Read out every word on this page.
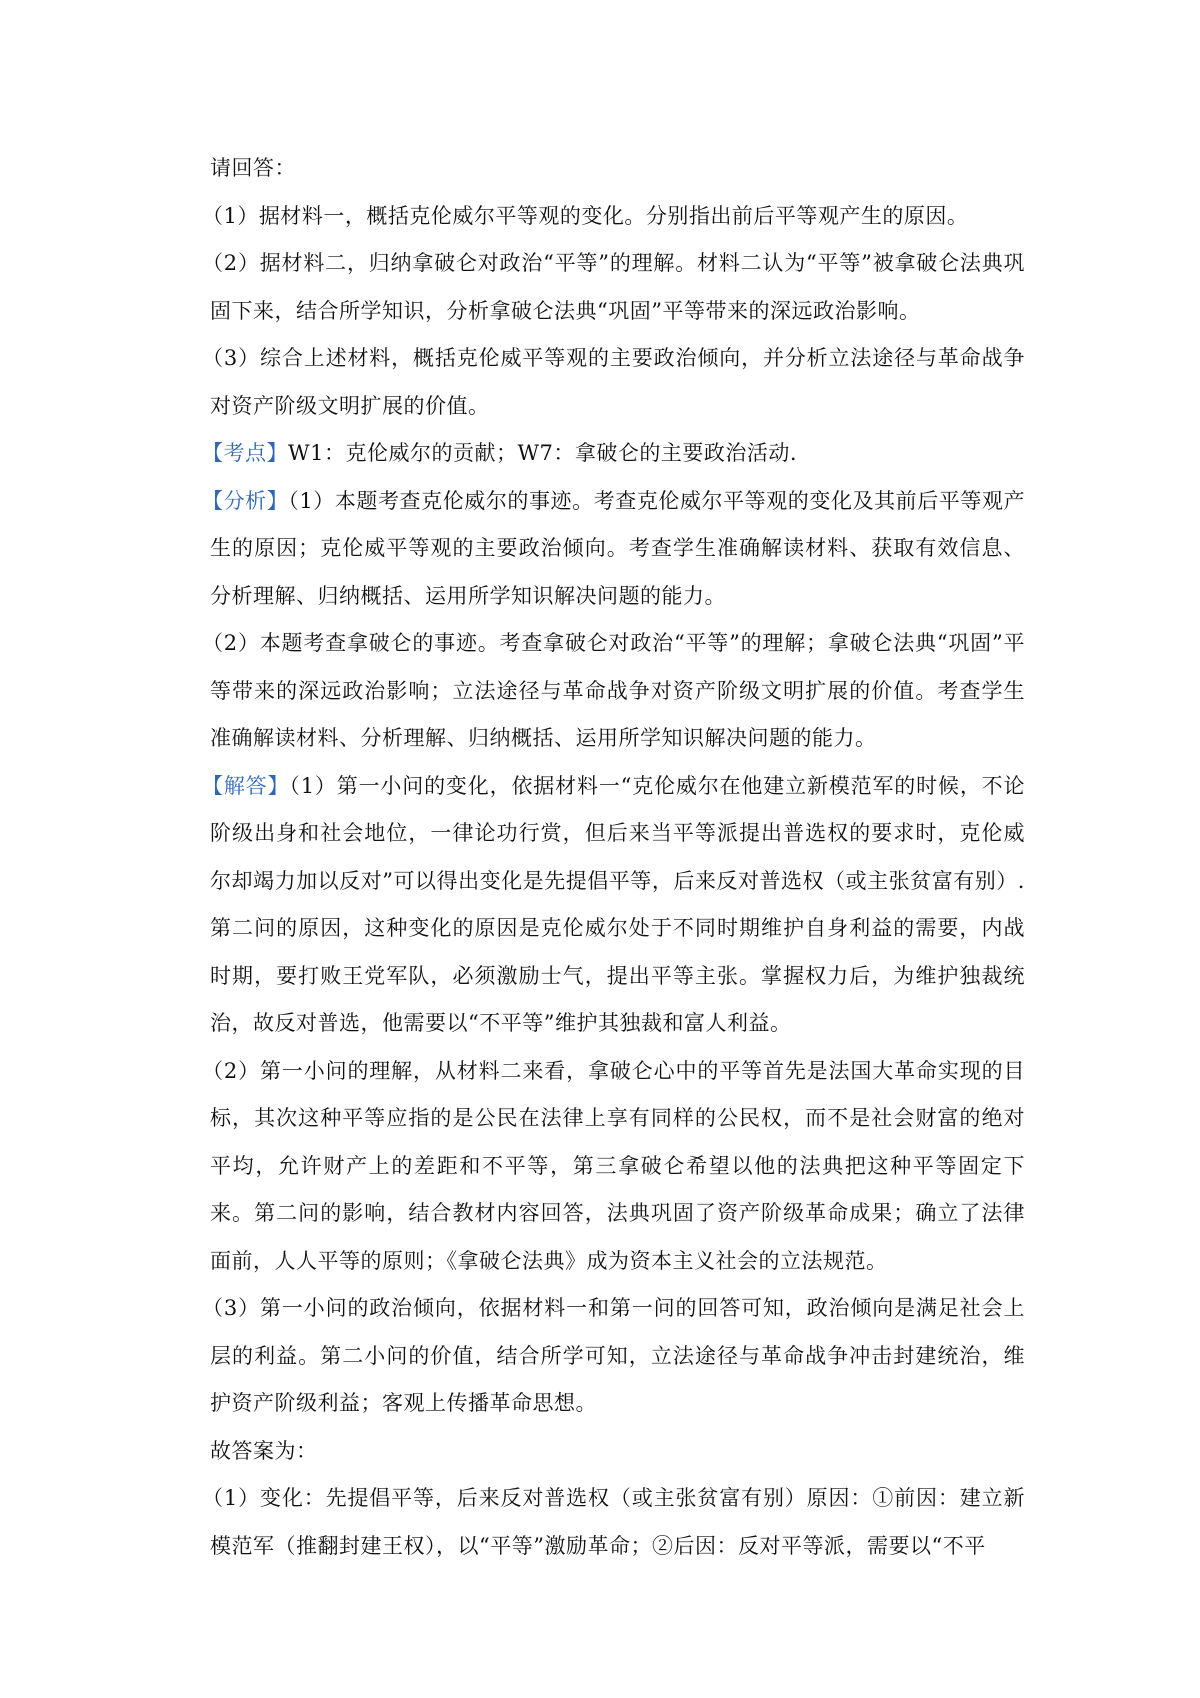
请回答：

（1）据材料一，概括克伦威尔平等观的变化。分别指出前后平等观产生的原因。

（2）据材料二，归纳拿破仑对政治“平等”的理解。材料二认为“平等”被拿破仑法典巩固下来，结合所学知识，分析拿破仑法典“巩固”平等带来的深远政治影响。

（3）综合上述材料，概括克伦威平等观的主要政治倾向，并分析立法途径与革命战争对资产阶级文明扩展的价值。

【考点】W1：克伦威尔的贡献；W7：拿破仑的主要政治活动.

【分析】（1）本题考查克伦威尔的事迹。考查克伦威尔平等观的变化及其前后平等观产生的原因；克伦威平等观的主要政治倾向。考查学生准确解读材料、获取有效信息、分析理解、归纳概括、运用所学知识解决问题的能力。

（2）本题考查拿破仑的事迹。考查拿破仑对政治“平等”的理解；拿破仑法典“巩固”平等带来的深远政治影响；立法途径与革命战争对资产阶级文明扩展的价值。考查学生准确解读材料、分析理解、归纳概括、运用所学知识解决问题的能力。

【解答】（1）第一小问的变化，依据材料一“克伦威尔在他建立新模范军的时候，不论阶级出身和社会地位，一律论功行赏，但后来当平等派提出普选权的要求时，克伦威尔却竭力加以反对”可以得出变化是先提倡平等，后来反对普选权（或主张贫富有别）. 第二问的原因，这种变化的原因是克伦威尔处于不同时期维护自身利益的需要，内战时期，要打败王党军队，必须激励士气，提出平等主张。掌握权力后，为维护独裁统治，故反对普选，他需要以“不平等”维护其独裁和富人利益。

（2）第一小问的理解，从材料二来看，拿破仑心中的平等首先是法国大革命实现的目标，其次这种平等应指的是公民在法律上享有同样的公民权，而不是社会财富的绝对平均，允许财产上的差距和不平等，第三拿破仑希望以他的法典把这种平等固定下来。第二问的影响，结合教材内容回答，法典巩固了资产阶级革命成果；确立了法律面前，人人平等的原则；《拿破仑法典》成为资本主义社会的立法规范。

（3）第一小问的政治倾向，依据材料一和第一问的回答可知，政治倾向是满足社会上层的利益。第二小问的价值，结合所学可知，立法途径与革命战争冲击封建统治，维护资产阶级利益；客观上传播革命思想。

故答案为：

（1）变化：先提倡平等，后来反对普选权（或主张贫富有别）原因：①前因：建立新模范军（推翻封建王权），以“平等”激励革命；②后因：反对平等派，需要以“不平
